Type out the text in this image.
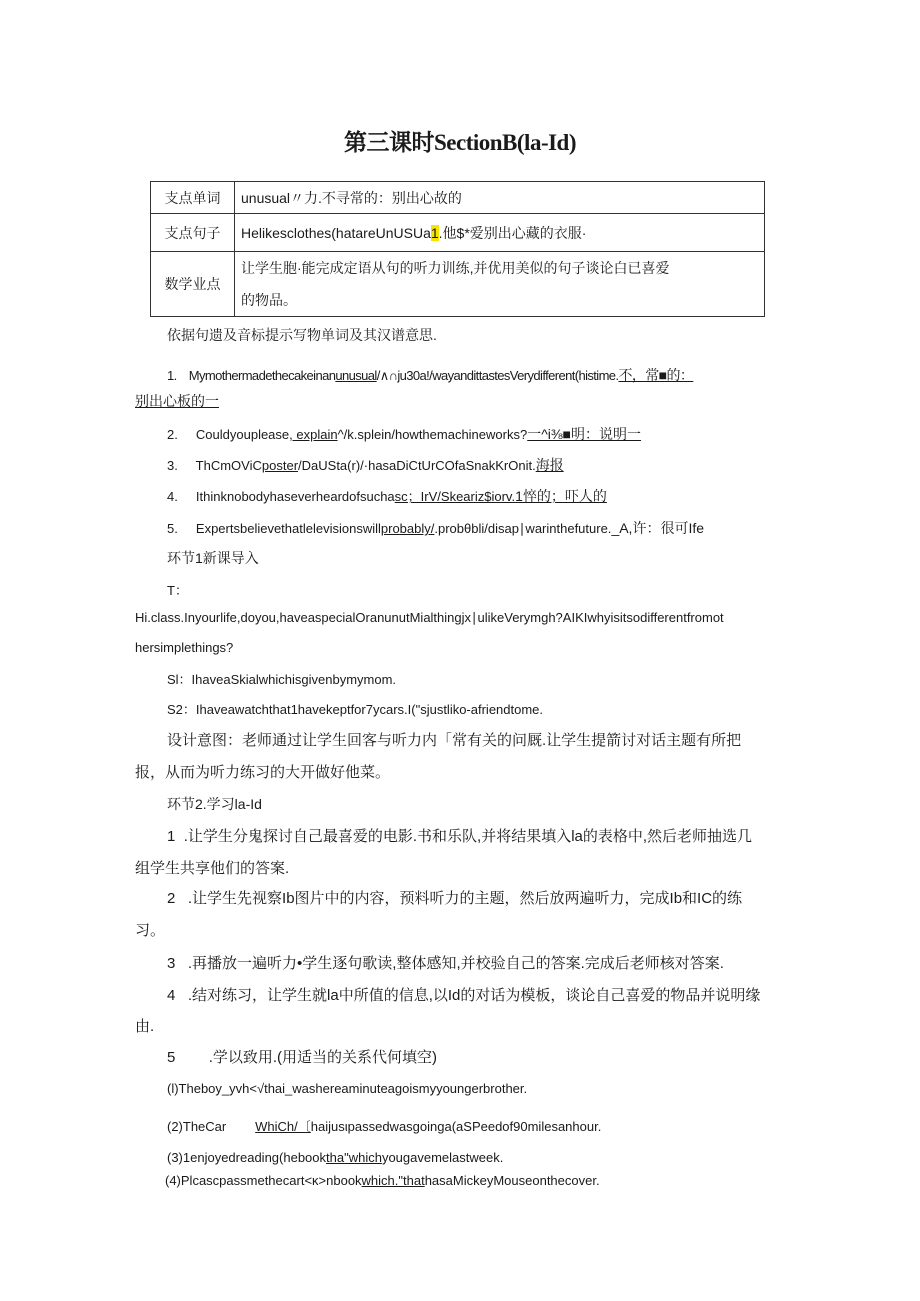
第三课时SectionB(la-Id)
支点单词	unusual〃力.不寻常的：别出心故的
支点句子	Helikesclothes(hatareUnUSUa1.他$*爱别出心藏的衣服·
数学业点	让学生胞·能完成定语从句的听力训练,并优用美似的句子谈论白已喜爱
的物品。
依据句遗及音标提示写物单词及其汉谱意思.
1. Mymothermadethecakeinanunusual/∧∩ju30a!/wayandittastesVerydifferent(histime.不，常■的：
别出心板的一
2. Couldyouplease, explain^/k.splein/howthemachineworks?一^i⅜■明：说明一
3. ThCmOViCposter/DaUSta(r)/·hasaDiCtUrCOfaSnakKrOnit.海报
4. Ithinknobodyhaseverheardofsuchasc；IrV/Skeariz$iorv.1悴的；吓人的
5. Expertsbelievethatlelevisionswillprobably/.probθbli/disap∣warinthefuture._A,许：很可Ife
环节1新课导入
T：
Hi.class.Inyourlife,doyou,haveaspecialOranunutMialthingjx∣ulikeVerymgh?AIKIwhyisitsodifferentfromot
hersimplethings?
Sl：IhaveaSkialwhichisgivenbymymom.
S2：Ihaveawatchthat1havekeptfor7ycars.I("sjustliko-afriendtome.
设计意图：老师通过让学生回客与听力内「常有关的问厩.让学生提箭讨对话主题有所把
报，从而为听力练习的大开做好他菜。
环节2.学习la-Id
1 .让学生分鬼探讨自己最喜爱的电影.书和乐队,并将结果填入la的表格中,然后老师抽选几
组学生共享他们的答案.
2 .让学生先视察Ib图片中的内容，预料听力的主题，然后放两遍听力，完成Ib和IC的练
习。
3 .再播放一遍听力•学生逐句歌读,整体感知,并校验自己的答案.完成后老师核对答案.
4 .结对练习，让学生就la中所值的信息,以Id的对话为模板，谈论自己喜爱的物品并说明缘
由.
5 .学以致用.(用适当的关系代何填空)
(l)Theboy_yvh<√thai_washereaminuteagoismyyoungerbrother.
(2)TheCar WhiCh/〔haijusιpassedwasgoinga(aSPeedof90milesanhour.
(3)1enjoyedreading(hebooktha"whichyougavemelastweek.
(4)Plcascpassmethecart<κ>nbookwhich."thathasaMickeyMouseonthecover.
